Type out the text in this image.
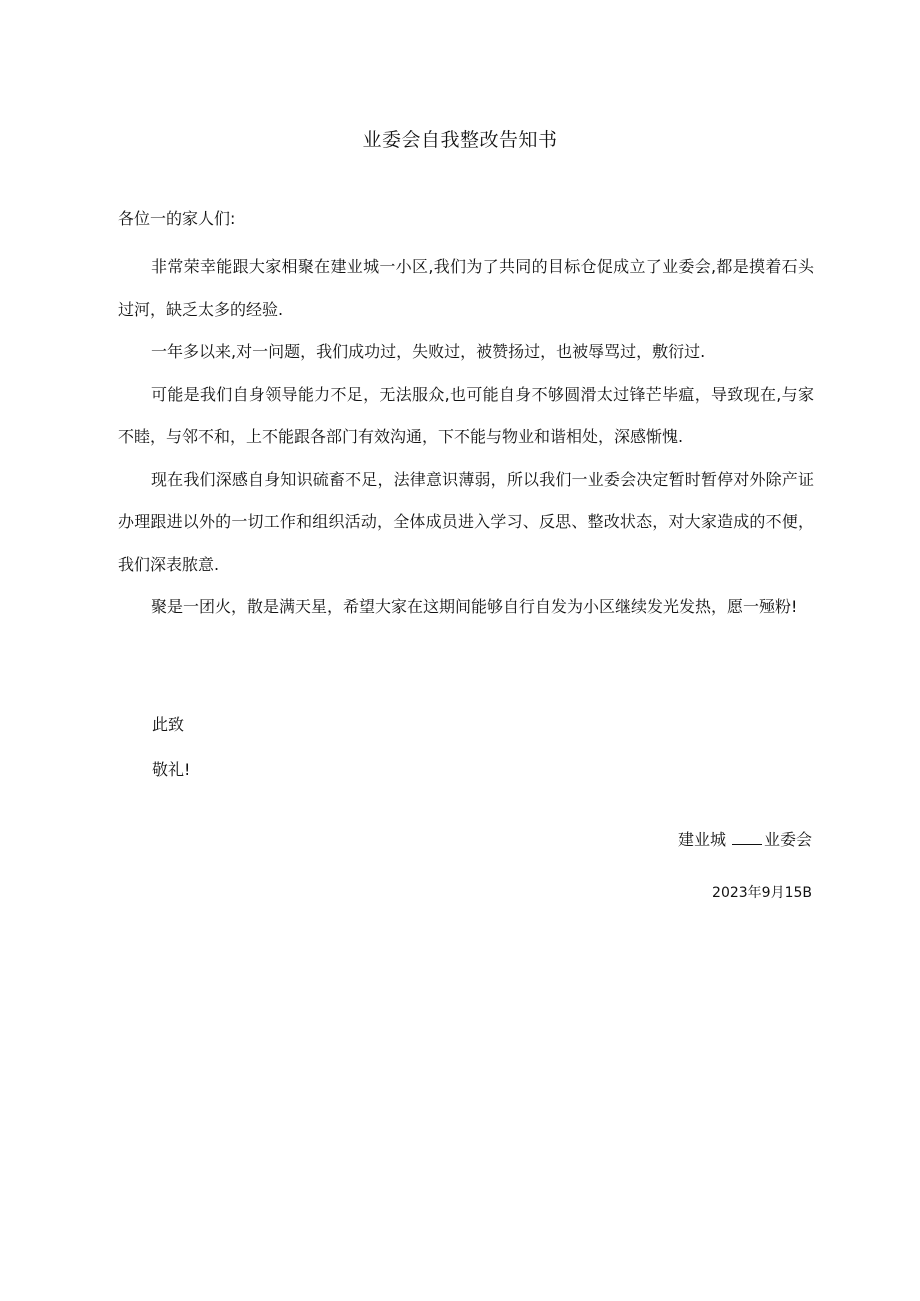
业委会自我整改告知书
各位一的家人们:

非常荣幸能跟大家相聚在建业城一小区,我们为了共同的目标仓促成立了业委会,都是摸着石头过河，缺乏太多的经验.

一年多以来,对一问题，我们成功过，失败过，被赞扬过，也被辱骂过，敷衍过.

可能是我们自身领导能力不足，无法服众,也可能自身不够圆滑太过锋芒毕瘟，导致现在,与家不睦，与邻不和，上不能跟各部门有效沟通，下不能与物业和谐相处，深感惭愧.

现在我们深感自身知识硫畜不足，法律意识薄弱，所以我们一业委会决定暂时暂停对外除产证办理跟进以外的一切工作和组织活动，全体成员进入学习、反思、整改状态，对大家造成的不便，我们深表脓意.

聚是一团火，散是满天星，希望大家在这期间能够自行自发为小区继续发光发热，愿一殛粉!

此致
敬礼!
建业城 业委会
2023年9月15B
